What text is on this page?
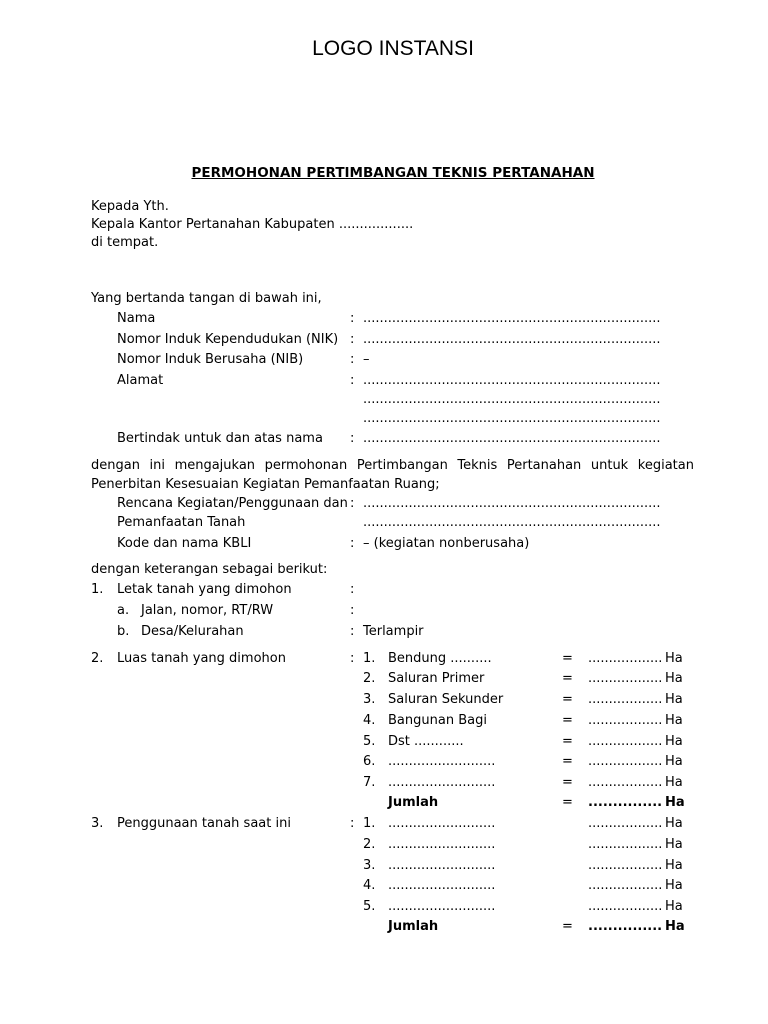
LOGO INSTANSI
PERMOHONAN PERTIMBANGAN TEKNIS PERTANAHAN
Kepada Yth.
Kepala Kantor Pertanahan Kabupaten ..................
di tempat.
Yang bertanda tangan di bawah ini,
Nama	: ........................................................................
Nomor Induk Kependudukan (NIK) : ........................................................................
Nomor Induk Berusaha (NIB)	: –
Alamat	: ........................................................................
........................................................................
........................................................................
Bertindak untuk dan atas nama : ........................................................................
dengan ini mengajukan permohonan Pertimbangan Teknis Pertanahan untuk kegiatan
Penerbitan Kesesuaian Kegiatan Pemanfaatan Ruang;
Rencana Kegiatan/Penggunaan dan : ........................................................................
Pemanfaatan Tanah	........................................................................
Kode dan nama KBLI	: – (kegiatan nonberusaha)
dengan keterangan sebagai berikut:
1. Letak tanah yang dimohon	:
a. Jalan, nomor, RT/RW	:
b. Desa/Kelurahan	: Terlampir
2. Luas tanah yang dimohon	: 1. Bendung ..........	= .................. Ha
2. Saluran Primer	= .................. Ha
3. Saluran Sekunder	= .................. Ha
4. Bangunan Bagi	= .................. Ha
5. Dst ............	= .................. Ha
6. ..........................	= .................. Ha
7. ..........................	= .................. Ha
Jumlah	= ............... Ha
3. Penggunaan tanah saat ini	: 1. ..........................	.................. Ha
2. ..........................	.................. Ha
3. ..........................	.................. Ha
4. ..........................	.................. Ha
5. ..........................	.................. Ha
Jumlah	= ............... Ha
